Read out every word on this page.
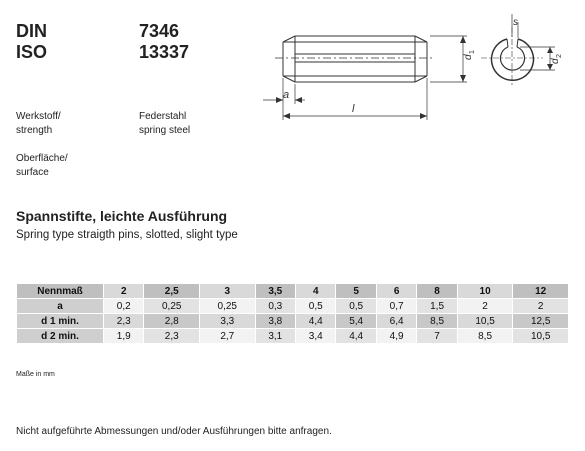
DIN	7346
ISO	13337
s
d
1
d
2
a
l
Werkstoff/
strength
Federstahl
spring steel
Oberfläche/
surface
Spannstifte, leichte Ausführung
Spring type straigth pins, slotted, slight type
Nennmaß	2	2,5	3	3,5	4	5	6	8	10	12
a	0,2	0,25	0,25	0,3	0,5	0,5	0,7	1,5	2	2
d 1 min.	2,3	2,8	3,3	3,8	4,4	5,4	6,4	8,5	10,5	12,5
d 2 min.	1,9	2,3	2,7	3,1	3,4	4,4	4,9	7	8,5	10,5
Maße in mm
Nicht aufgeführte Abmessungen und/oder Ausführungen bitte anfragen.
